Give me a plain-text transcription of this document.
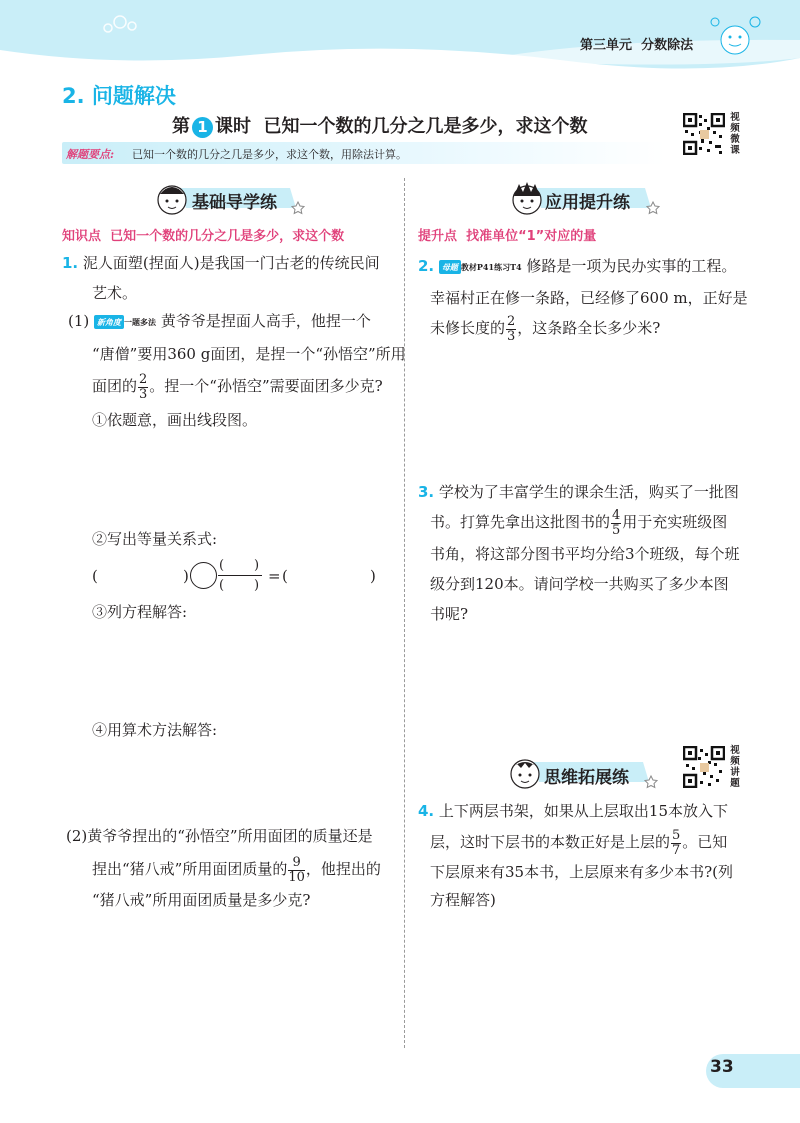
第三单元 分数除法
2. 问题解决
第 1 课时 已知一个数的几分之几是多少，求这个数	视频微课
解题要点: 已知一个数的几分之几是多少，求这个数，用除法计算。
基础导学练	应用提升练
知识点 已知一个数的几分之几是多少，求这个数
1. 泥人面塑(捏面人)是我国一门古老的传统民间
艺术。
(1) 新角度 一题多法 黄爷爷是捏面人高手，他捏一个
“唐僧”要用360 g面团，是捏一个“孙悟空”所用
面团的 $\frac{2}{3}$ 。捏一个“孙悟空”需要面团多少克?
①依题意，画出线段图。
②写出等量关系式:
(	)
( )
( )
= (	)
③列方程解答:
④用算术方法解答:
(2)黄爷爷捏出的“孙悟空”所用面团的质量还是
捏出“猪八戒”所用面团质量的 $\frac{9}{10}$ ，他捏出的
“猪八戒”所用面团质量是多少克?
提升点 找准单位“1”对应的量
2. 母题 教材P41练习T4 修路是一项为民办实事的工程。
幸福村正在修一条路，已经修了600 m，正好是
未修长度的 $\frac{2}{3}$ ，这条路全长多少米?
3. 学校为了丰富学生的课余生活，购买了一批图
书。打算先拿出这批图书的 $\frac{4}{5}$ 用于充实班级图
书角，将这部分图书平均分给3个班级，每个班
级分到120本。请问学校一共购买了多少本图
书呢?
思维拓展练
视频讲题
4. 上下两层书架，如果从上层取出15本放入下
层，这时下层书的本数正好是上层的 $\frac{5}{7}$ 。已知
下层原来有35本书，上层原来有多少本书?(列
方程解答)
33
